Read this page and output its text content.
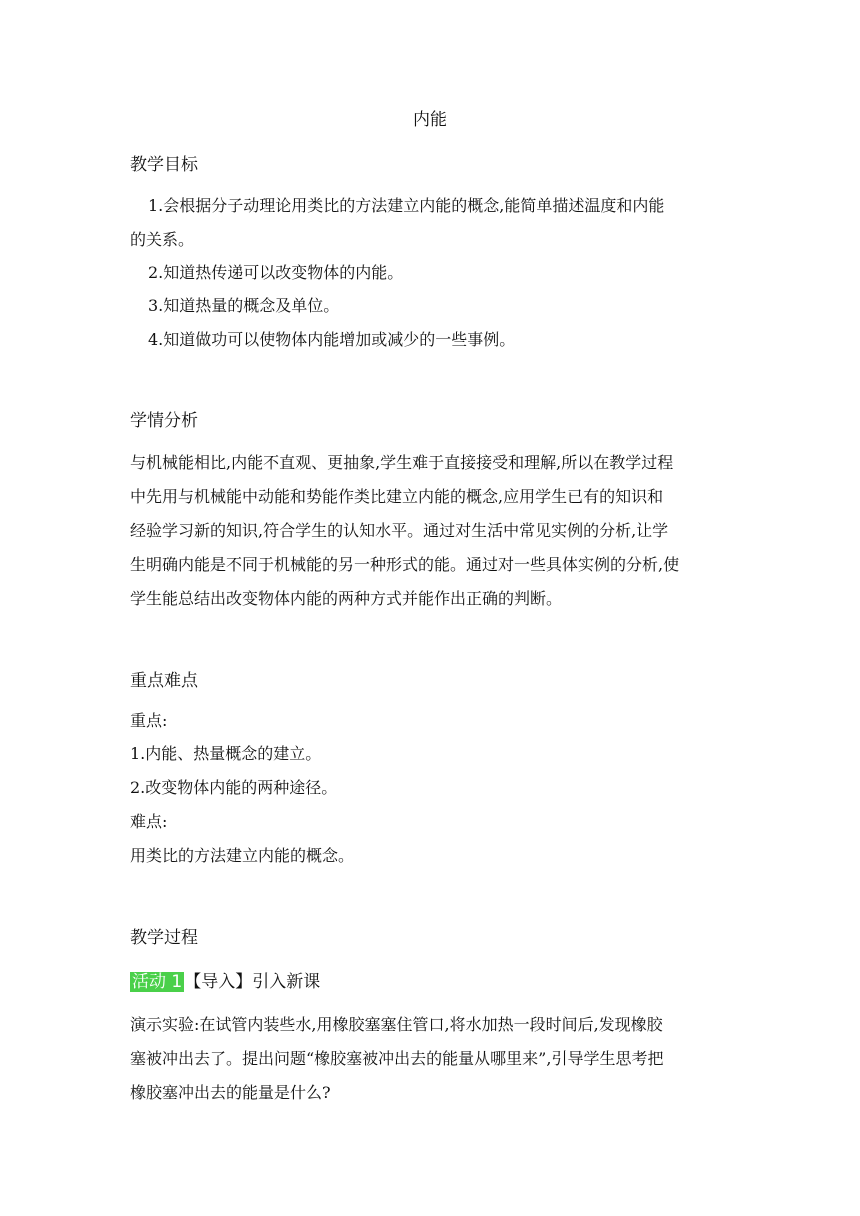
内能
教学目标
1.会根据分子动理论用类比的方法建立内能的概念,能简单描述温度和内能
的关系。
2.知道热传递可以改变物体的内能。
3.知道热量的概念及单位。
4.知道做功可以使物体内能增加或减少的一些事例。
学情分析
与机械能相比,内能不直观、更抽象,学生难于直接接受和理解,所以在教学过程
中先用与机械能中动能和势能作类比建立内能的概念,应用学生已有的知识和
经验学习新的知识,符合学生的认知水平。通过对生活中常见实例的分析,让学
生明确内能是不同于机械能的另一种形式的能。通过对一些具体实例的分析,使
学生能总结出改变物体内能的两种方式并能作出正确的判断。
重点难点
重点:
1.内能、热量概念的建立。
2.改变物体内能的两种途径。
难点:
用类比的方法建立内能的概念。
教学过程
活动 1 【导入】引入新课
演示实验:在试管内装些水,用橡胶塞塞住管口,将水加热一段时间后,发现橡胶
塞被冲出去了。提出问题“橡胶塞被冲出去的能量从哪里来”,引导学生思考把
橡胶塞冲出去的能量是什么?
